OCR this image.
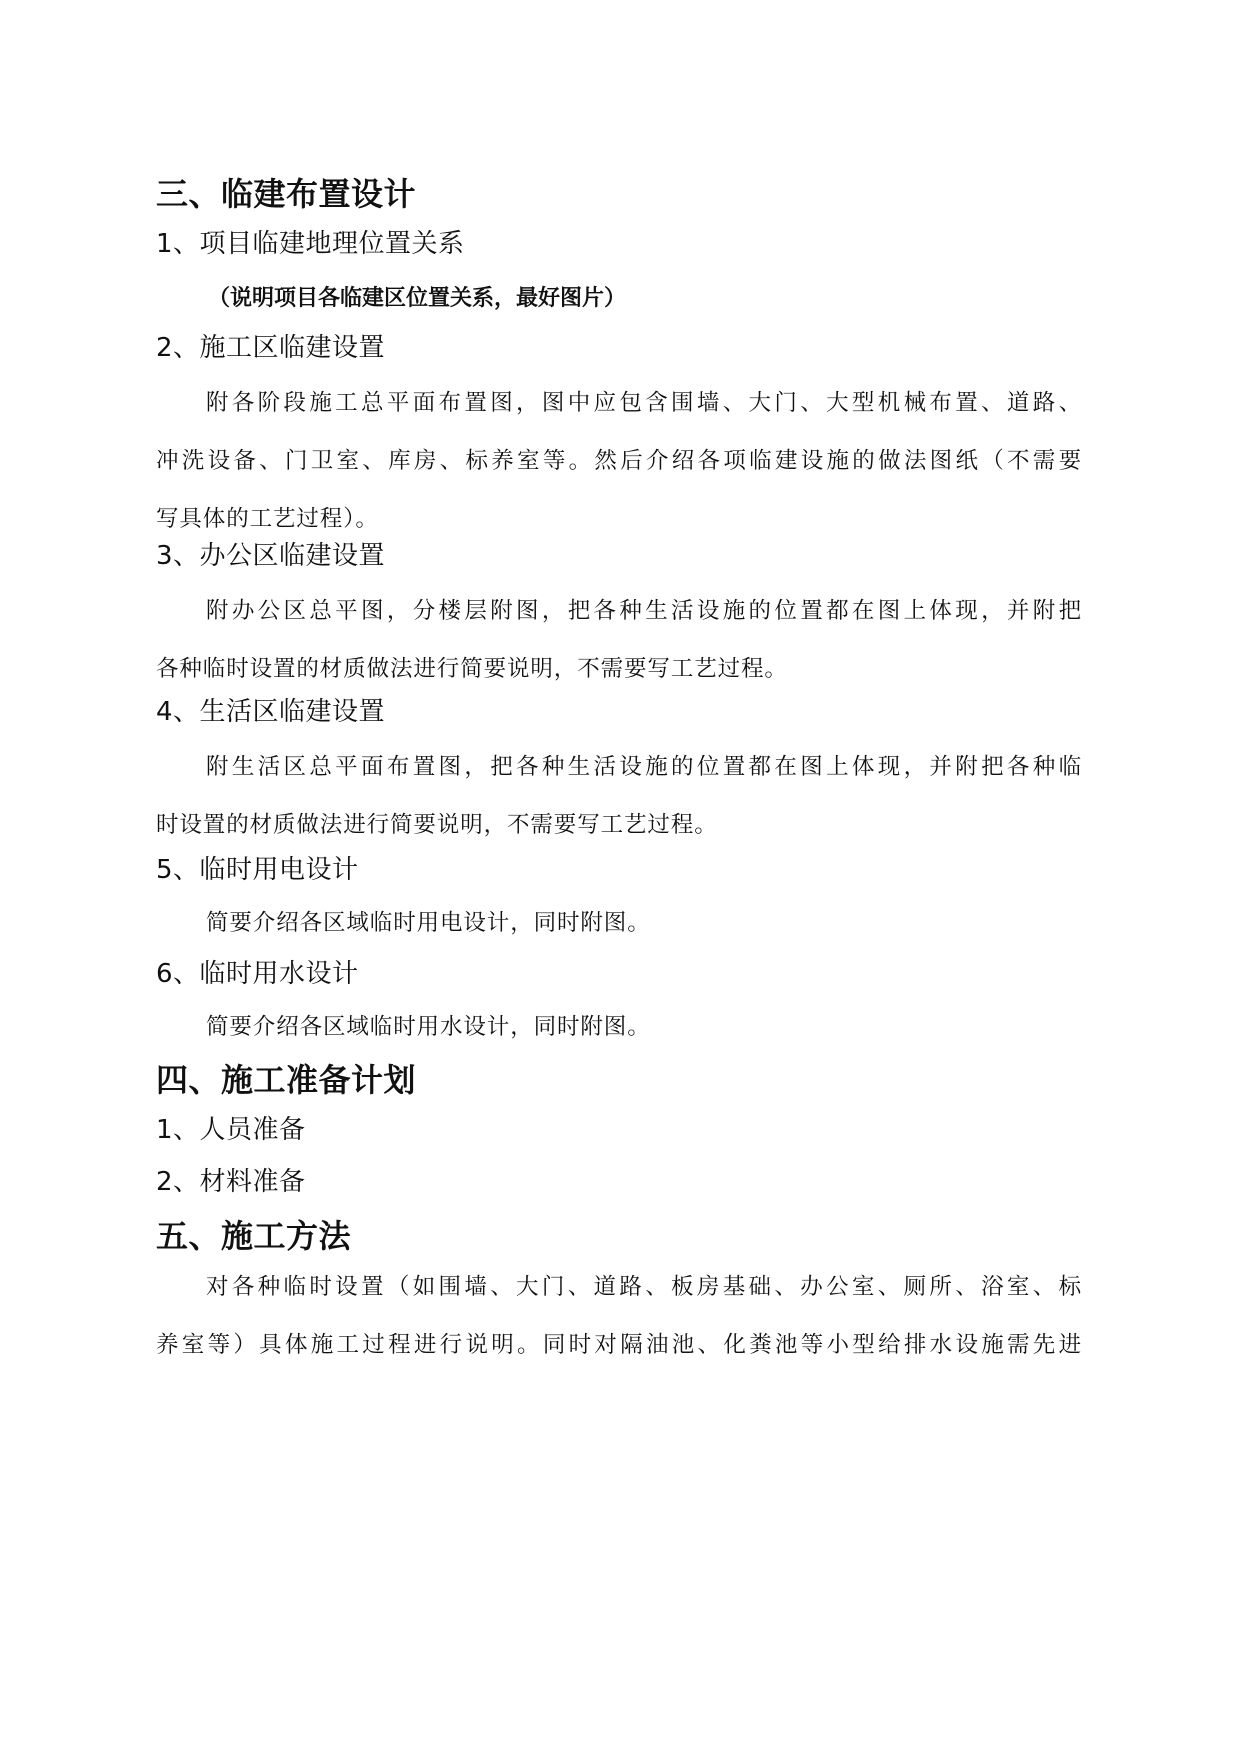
三、临建布置设计
1、项目临建地理位置关系
（说明项目各临建区位置关系，最好图片）
2、施工区临建设置
附各阶段施工总平面布置图，图中应包含围墙、大门、大型机械布置、道路、
冲洗设备、门卫室、库房、标养室等。然后介绍各项临建设施的做法图纸（不需要
写具体的工艺过程）。
3、办公区临建设置
附办公区总平图，分楼层附图，把各种生活设施的位置都在图上体现，并附把
各种临时设置的材质做法进行简要说明，不需要写工艺过程。
4、生活区临建设置
附生活区总平面布置图，把各种生活设施的位置都在图上体现，并附把各种临
时设置的材质做法进行简要说明，不需要写工艺过程。
5、临时用电设计
简要介绍各区域临时用电设计，同时附图。
6、临时用水设计
简要介绍各区域临时用水设计，同时附图。
四、施工准备计划
1、人员准备
2、材料准备
五、施工方法
对各种临时设置（如围墙、大门、道路、板房基础、办公室、厕所、浴室、标
养室等）具体施工过程进行说明。同时对隔油池、化粪池等小型给排水设施需先进
